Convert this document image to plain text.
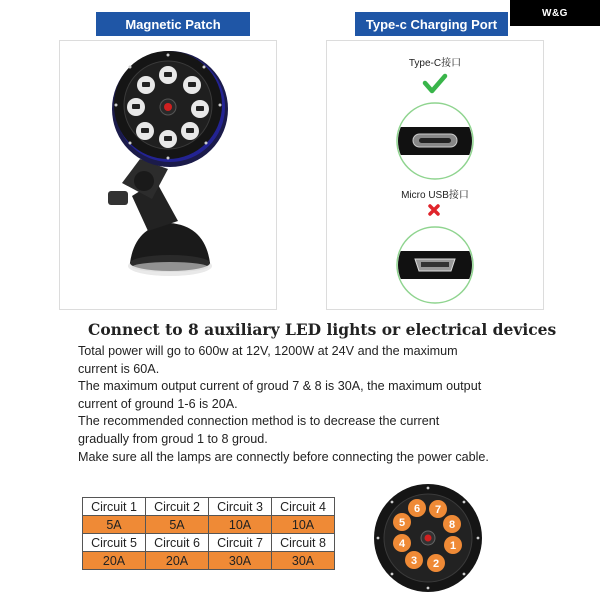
W&G
Magnetic Patch	Type-c Charging Port
Type-C接口
Micro USB接口
Connect to 8 auxiliary LED lights or electrical devices

Total power will go to 600w at 12V, 1200W at 24V and the maximum

current is 60A.

The maximum output current of groud 7 & 8 is 30A, the maximum output

current of ground 1-6 is 20A.

The recommended connection method is to decrease the current

gradually from groud 1 to 8 groud.

Make sure all the lamps are connectly before connecting the power cable.

Circuit 1	Circuit 2	Circuit 3	Circuit 4
5A	5A	10A	10A
Circuit 5	Circuit 6	Circuit 7	Circuit 8
20A	20A	30A	30A
1
2
3
4
5
6 7
8
